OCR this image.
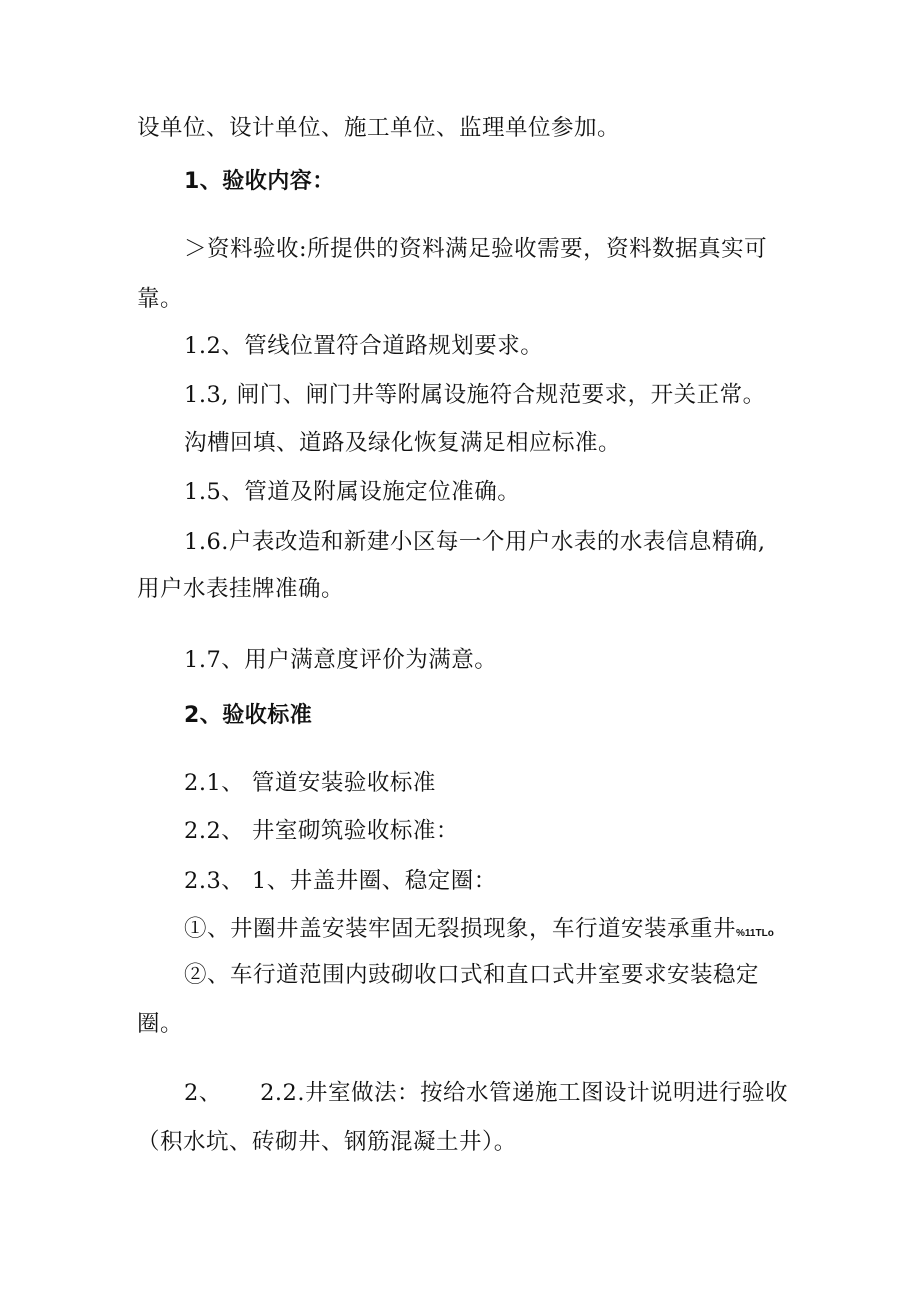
设单位、设计单位、施工单位、监理单位参加。
1、验收内容：
＞资料验收:所提供的资料满足验收需要，资料数据真实可
靠。
1.2、管线位置符合道路规划要求。
1.3, 闸门、闸门井等附属设施符合规范要求，开关正常。
沟槽回填、道路及绿化恢复满足相应标准。
1.5、管道及附属设施定位准确。
1.6.户表改造和新建小区每一个用户水表的水表信息精确,
用户水表挂牌准确。
1.7、用户满意度评价为满意。
2、验收标准
2.1、 管道安装验收标准
2.2、 井室砌筑验收标准：
2.3、 1、井盖井圈、稳定圈：
①、井圈井盖安装牢固无裂损现象，车行道安装承重井%11TLo
②、车行道范围内豉砌收口式和直口式井室要求安装稳定
圈。
2、     2.2.井室做法：按给水管递施工图设计说明进行验收
（积水坑、砖砌井、钢筋混凝土井）。
